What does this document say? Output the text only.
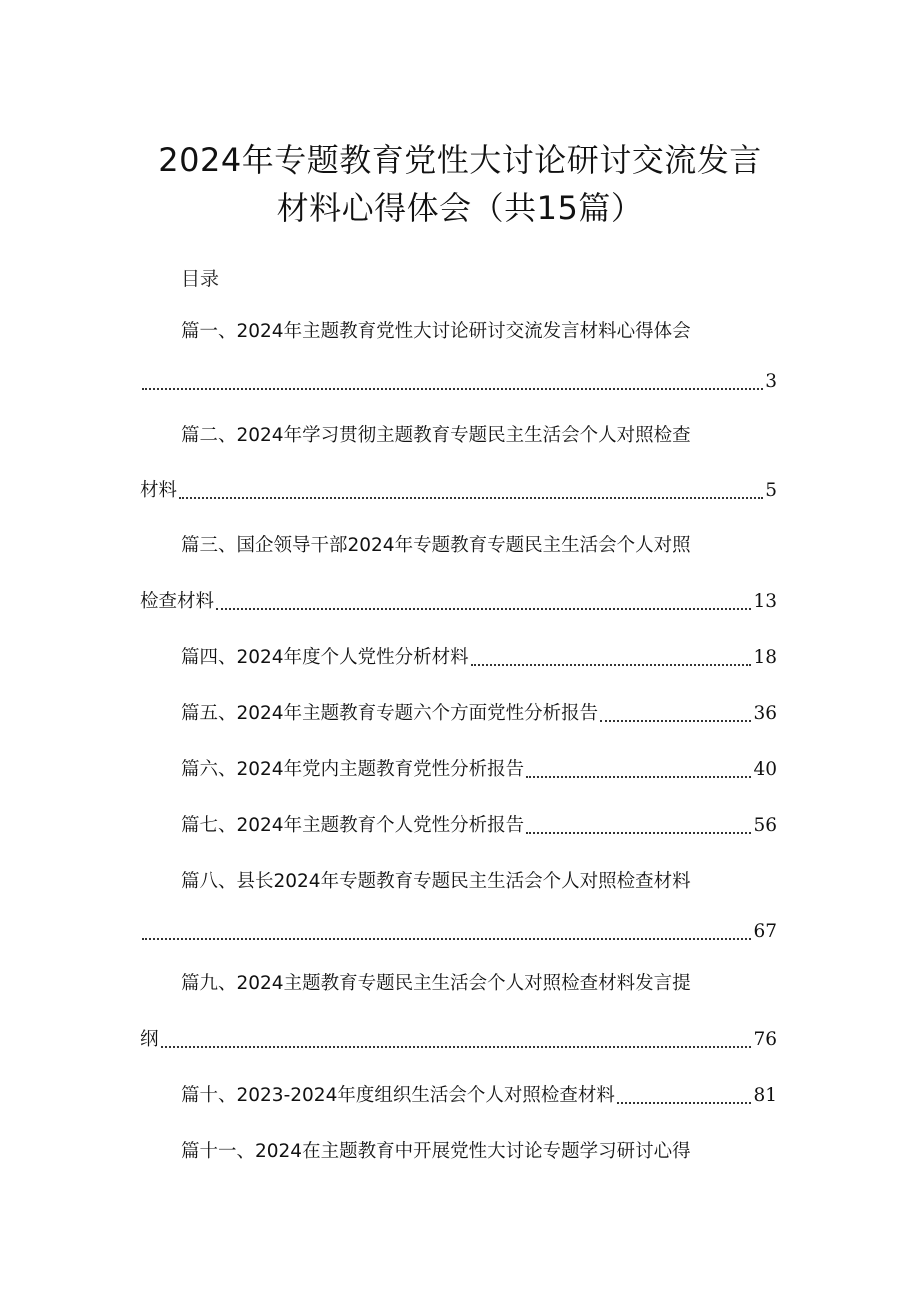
2024年专题教育党性大讨论研讨交流发言
材料心得体会（共15篇）
目录
篇一、2024年主题教育党性大讨论研讨交流发言材料心得体会
3
篇二、2024年学习贯彻主题教育专题民主生活会个人对照检查
材料	5
篇三、国企领导干部2024年专题教育专题民主生活会个人对照
检查材料	13
篇四、2024年度个人党性分析材料	18
篇五、2024年主题教育专题六个方面党性分析报告	36
篇六、2024年党内主题教育党性分析报告	40
篇七、2024年主题教育个人党性分析报告	56
篇八、县长2024年专题教育专题民主生活会个人对照检查材料
67
篇九、2024主题教育专题民主生活会个人对照检查材料发言提
纲	76
篇十、2023-2024年度组织生活会个人对照检查材料	81
篇十一、2024在主题教育中开展党性大讨论专题学习研讨心得
